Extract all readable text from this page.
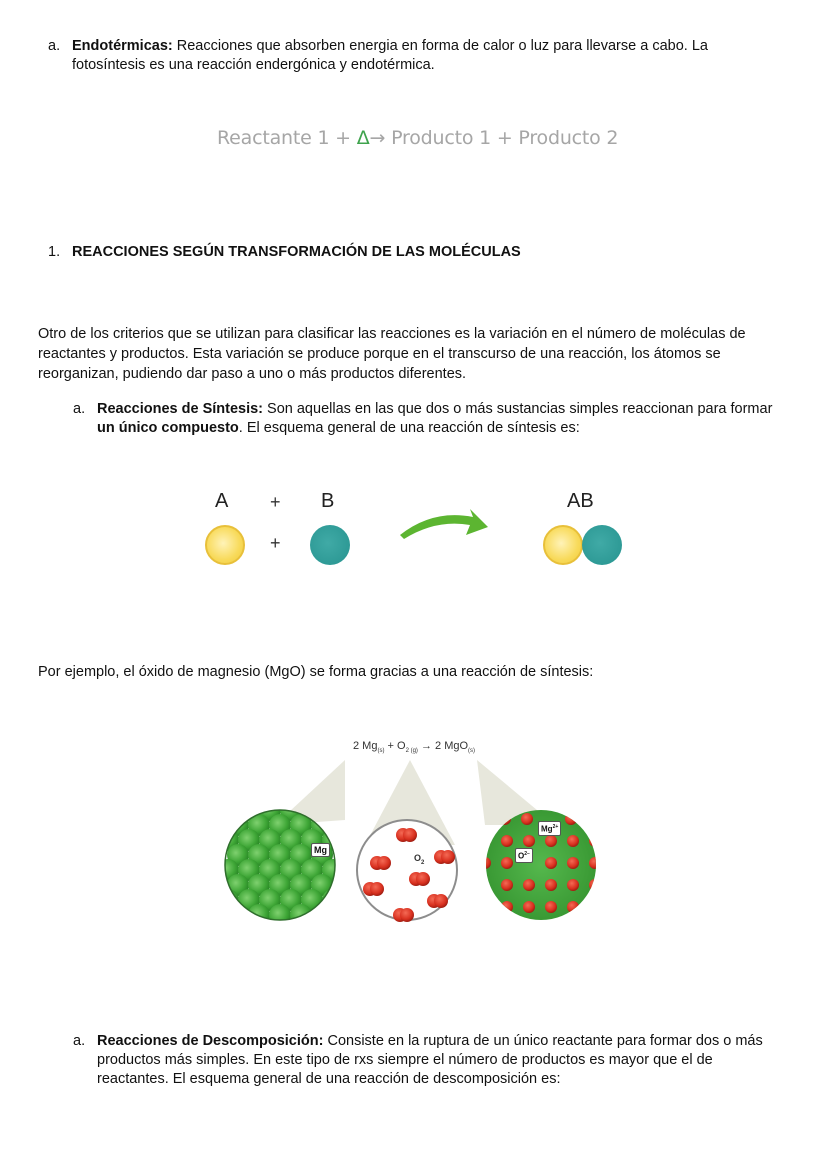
a. Endotérmicas: Reacciones que absorben energia en forma de calor o luz para llevarse a cabo. La fotosíntesis es una reacción endergónica y endotérmica.
Reactante 1 + Δ→ Producto 1 + Producto 2
1. REACCIONES SEGÚN TRANSFORMACIÓN DE LAS MOLÉCULAS
Otro de los criterios que se utilizan para clasificar las reacciones es la variación en el número de moléculas de reactantes y productos. Esta variación se produce porque en el transcurso de una reacción, los átomos se reorganizan, pudiendo dar paso a uno o más productos diferentes.
a. Reacciones de Síntesis: Son aquellas en las que dos o más sustancias simples reaccionan para formar un único compuesto. El esquema general de una reacción de síntesis es:
A + B	AB
+
Por ejemplo, el óxido de magnesio (MgO) se forma gracias a una reacción de síntesis:
2 $Mg_{(s)} + O_{2 (g)} \to 2$ MgO$_{(s)}$
Mg
$O_2$
$Mg^{2+}$
$O^{2-}$
a. Reacciones de Descomposición: Consiste en la ruptura de un único reactante para formar dos o más productos más simples. En este tipo de rxs siempre el número de productos es mayor que el de reactantes. El esquema general de una reacción de descomposición es:
